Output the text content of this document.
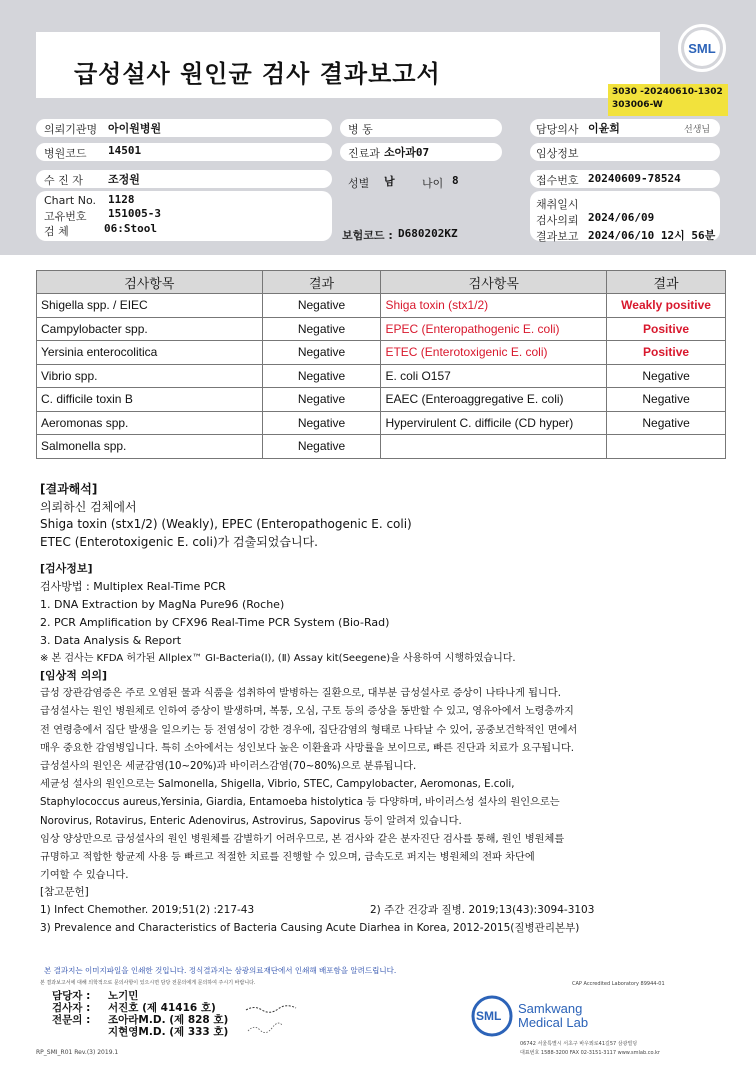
급성설사 원인균 검사 결과보고서
SML
3030 -20240610-1302
303006-W
의뢰기관명 아이원병원	병 동	담당의사 이윤희	선생님
병원코드 14501	진료과 소아과07	임상정보
수 진 자 조정원	성별 남 나이 8	접수번호 20240609-78524
Chart No. 1128
고유번호 151005-3
검 체	06:Stool
보험코드 : D680202KZ
채취일시
검사의뢰 2024/06/09
결과보고 2024/06/10 12시 56분
검사항목	결과	검사항목	결과
Shigella spp. / EIEC	Negative	Shiga toxin (stx1/2)	Weakly positive
Campylobacter spp.	Negative	EPEC (Enteropathogenic E. coli)	Positive
Yersinia enterocolitica	Negative	ETEC (Enterotoxigenic E. coli)	Positive
Vibrio spp.	Negative	E. coli O157	Negative
C. difficile toxin B	Negative	EAEC (Enteroaggregative E. coli)	Negative
Aeromonas spp.	Negative	Hypervirulent C. difficile (CD hyper)	Negative
Salmonella spp.	Negative		
[결과해석]
의뢰하신 검체에서
Shiga toxin (stx1/2) (Weakly), EPEC (Enteropathogenic E. coli)
ETEC (Enterotoxigenic E. coli)가 검출되었습니다.
[검사정보]
검사방법 : Multiplex Real-Time PCR
1. DNA Extraction by MagNa Pure96 (Roche)
2. PCR Amplification by CFX96 Real-Time PCR System (Bio-Rad)
3. Data Analysis & Report
※ 본 검사는 KFDA 허가된 Allplex™ GI-Bacteria(Ⅰ), (Ⅱ) Assay kit(Seegene)을 사용하여 시행하였습니다.
[임상적 의의]
급성 장관감염증은 주로 오염된 물과 식품을 섭취하여 발병하는 질환으로, 대부분 급성설사로 증상이 나타나게 됩니다.
급성설사는 원인 병원체로 인하여 증상이 발생하며, 복통, 오심, 구토 등의 증상을 동반할 수 있고, 영유아에서 노령층까지
전 연령층에서 집단 발생을 일으키는 등 전염성이 강한 경우에, 집단감염의 형태로 나타날 수 있어, 공중보건학적인 면에서
매우 중요한 감염병입니다. 특히 소아에서는 성인보다 높은 이환율과 사망률을 보이므로, 빠른 진단과 치료가 요구됩니다.
급성설사의 원인은 세균감염(10~20%)과 바이러스감염(70~80%)으로 분류됩니다.
세균성 설사의 원인으로는 Salmonella, Shigella, Vibrio, STEC, Campylobacter, Aeromonas, E.coli,
Staphylococcus aureus,Yersinia, Giardia, Entamoeba histolytica 등 다양하며, 바이러스성 설사의 원인으로는
Norovirus, Rotavirus, Enteric Adenovirus, Astrovirus, Sapovirus 등이 알려져 있습니다.
임상 양상만으로 급성설사의 원인 병원체를 감별하기 어려우므로, 본 검사와 같은 분자진단 검사를 통해, 원인 병원체를
규명하고 적합한 항균제 사용 등 빠르고 적절한 치료를 진행할 수 있으며, 급속도로 퍼지는 병원체의 전파 차단에
기여할 수 있습니다.
[참고문헌]
1) Infect Chemother. 2019;51(2) :217-43	2) 주간 건강과 질병. 2019;13(43):3094-3103
3) Prevalence and Characteristics of Bacteria Causing Acute Diarhea in Korea, 2012-2015(질병관리본부)
본 결과지는 이미지파일을 인쇄한 것입니다. 정식결과지는 삼광의료재단에서 인쇄해 배포함을 알려드립니다.
본 결과보고서에 대해 의학적으로 문의사항이 있으시면 담당 전문의에게 문의하여 주시기 바랍니다.	CAP Accredited Laboratory 89944-01
담당자 : 노기민
검사자 : 서진호 (제 41416 호)
전문의 : 조아라M.D. (제 828 호)
지현영M.D. (제 333 호)
SML Samkwang
Medical Lab
06742 서울특별시 서초구 바우뫼로41길57 삼광빌딩
대표번호 1588-3200 FAX 02-3151-3117 www.smlab.co.kr
RP_SMI_R01 Rev.(3) 2019.1
